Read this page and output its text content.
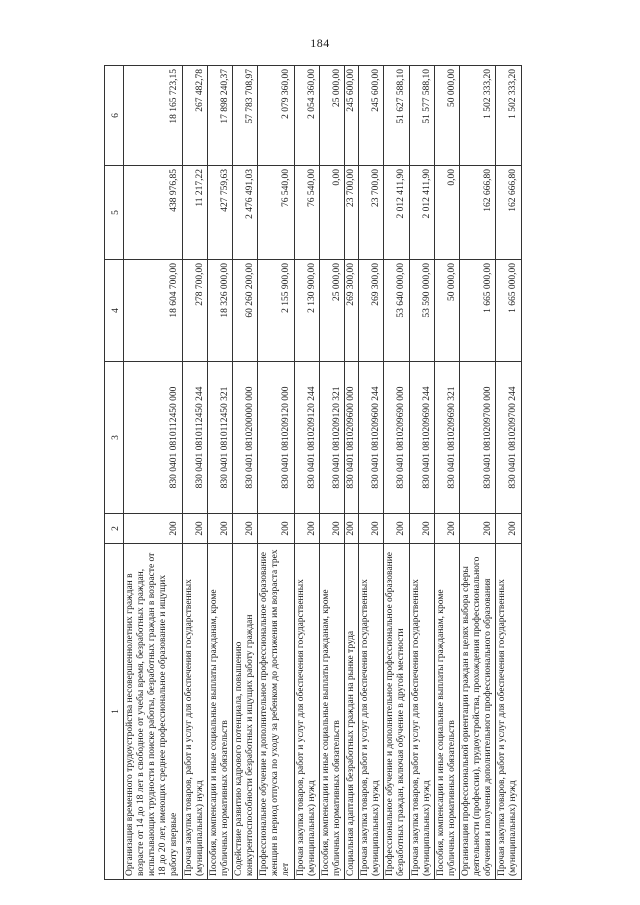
184
1	2	3	4	5	6
Организация временного трудоустройства несовершеннолетних граждан в возрасте от 14 до 18 лет в свободное от учебы время, безработных граждан, испытывающих трудности в поиске работы, безработных граждан в возрасте от 18 до 20 лет, имеющих среднее профессиональное образование и ищущих работу впервые	200	830 0401 0810112450 000	18 604 700,00	438 976,85	18 165 723,15
Прочая закупка товаров, работ и услуг для обеспечения государственных (муниципальных) нужд	200	830 0401 0810112450 244	278 700,00	11 217,22	267 482,78
Пособия, компенсации и иные социальные выплаты гражданам, кроме публичных нормативных обязательств	200	830 0401 0810112450 321	18 326 000,00	427 759,63	17 898 240,37
Содействие развитию кадрового потенциала, повышению конкурентоспособности безработных и ищущих работу граждан	200	830 0401 0810200000 000	60 260 200,00	2 476 491,03	57 783 708,97
Профессиональное обучение и дополнительное профессиональное образование женщин в период отпуска по уходу за ребенком до достижения им возраста трех лет	200	830 0401 0810209120 000	2 155 900,00	76 540,00	2 079 360,00
Прочая закупка товаров, работ и услуг для обеспечения государственных (муниципальных) нужд	200	830 0401 0810209120 244	2 130 900,00	76 540,00	2 054 360,00
Пособия, компенсации и иные социальные выплаты гражданам, кроме публичных нормативных обязательств	200	830 0401 0810209120 321	25 000,00	0,00	25 000,00
Социальная адаптация безработных граждан на рынке труда	200	830 0401 0810209600 000	269 300,00	23 700,00	245 600,00
Прочая закупка товаров, работ и услуг для обеспечения государственных (муниципальных) нужд	200	830 0401 0810209600 244	269 300,00	23 700,00	245 600,00
Профессиональное обучение и дополнительное профессиональное образование безработных граждан, включая обучение в другой местности	200	830 0401 0810209690 000	53 640 000,00	2 012 411,90	51 627 588,10
Прочая закупка товаров, работ и услуг для обеспечения государственных (муниципальных) нужд	200	830 0401 0810209690 244	53 590 000,00	2 012 411,90	51 577 588,10
Пособия, компенсации и иные социальные выплаты гражданам, кроме публичных нормативных обязательств	200	830 0401 0810209690 321	50 000,00	0,00	50 000,00
Организация профессиональной ориентации граждан в целях выбора сферы деятельности (профессии), трудоустройства, прохождения профессионального обучения и получения дополнительного профессионального образования	200	830 0401 0810209700 000	1 665 000,00	162 666,80	1 502 333,20
Прочая закупка товаров, работ и услуг для обеспечения государственных (муниципальных) нужд	200	830 0401 0810209700 244	1 665 000,00	162 666,80	1 502 333,20
